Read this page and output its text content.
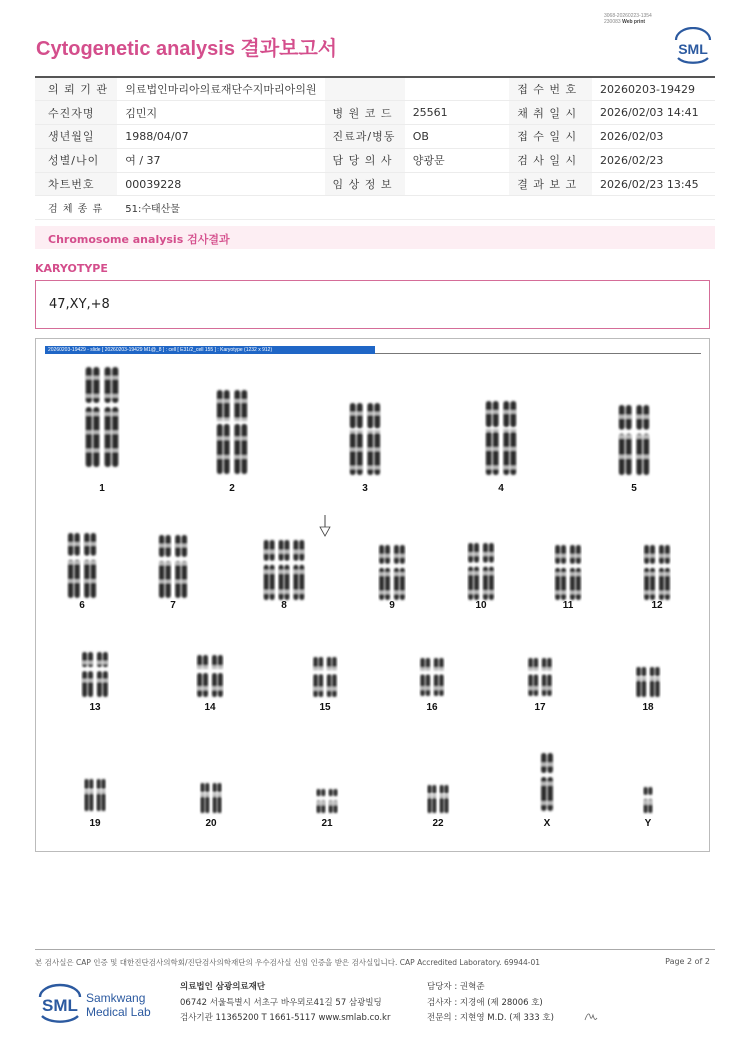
3068-20260223-1354
230083 Web print
Cytogenetic analysis 결과보고서	SML
의 뢰 기 관	의료법인마리아의료재단수지마리아의원			접 수 번 호	20260203-19429
수진자명	김민지	병 원 코 드	25561	채 취 일 시	2026/02/03 14:41
생년월일	1988/04/07	진료과/병동	OB	접 수 일 시	2026/02/03
성별/나이	여 / 37	담 당 의 사	양광문	검 사 일 시	2026/02/23
차트번호	00039228	임 상 정 보		결 과 보 고	2026/02/23 13:45
검 체 종 류	51:수태산물				
Chromosome analysis 검사결과
KARYOTYPE
47,XY,+8
20260203-19429 - slide [ 20260203-19429 M1@_8 ] : cell [ E31/2_cell 155 ] : Karyotype (1232 x 912)
1	2	3	4	5
6	7	8	9	10	11	12
13	14	15	16	17	18
19	20	21	22	X	Y
본 검사실은 CAP 인증 및 대한진단검사의학회/진단검사의학재단의 우수검사실 신임 인증을 받은 검사실입니다. CAP Accredited Laboratory. 69944-01	Page 2 of 2
SML Samkwang
Medical Lab
의료법인 삼광의료재단
06742 서울특별시 서초구 바우뫼로41길 57 삼광빌딩
검사기관 11365200 T 1661-5117 www.smlab.co.kr
담당자 : 권혁준
검사자 : 지경애 (제 28006 호)
전문의 : 지현영 M.D. (제 333 호)
